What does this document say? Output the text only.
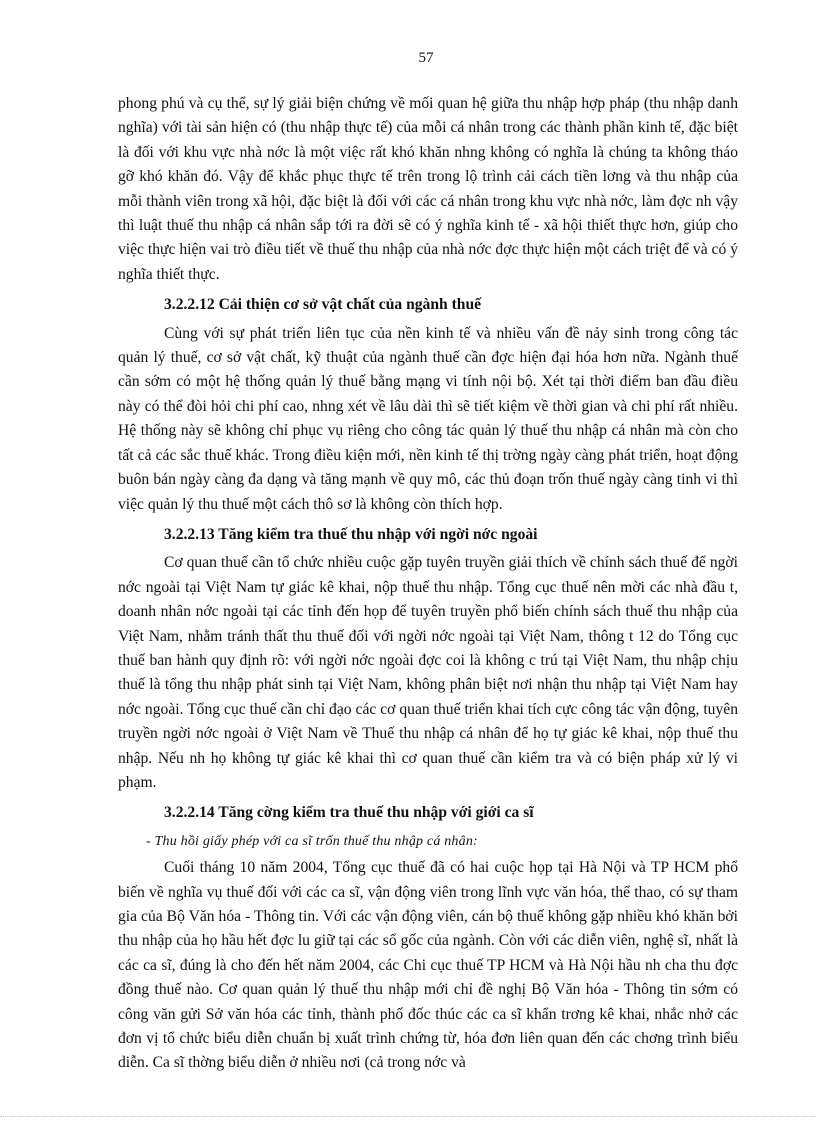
57

phong phú và cụ thể, sự lý giải biện chứng về mối quan hệ giữa thu nhập hợp pháp (thu nhập danh nghĩa) với tài sản hiện có (thu nhập thực tế) của mỗi cá nhân trong các thành phần kinh tế, đặc biệt là đối với khu vực nhà nớc là một việc rất khó khăn nhng không có nghĩa là chúng ta không tháo gỡ khó khăn đó. Vậy để khắc phục thực tế trên trong lộ trình cải cách tiền lơng và thu nhập của mỗi thành viên trong xã hội, đặc biệt là đối với các cá nhân trong khu vực nhà nớc, làm đợc nh vậy thì luật thuế thu nhập cá nhân sắp tới ra đời sẽ có ý nghĩa kinh tế - xã hội thiết thực hơn, giúp cho việc thực hiện vai trò điều tiết về thuế thu nhập của nhà nớc đợc thực hiện một cách triệt để và có ý nghĩa thiết thực.

3.2.2.12 Cải thiện cơ sở vật chất của ngành thuế

Cùng với sự phát triển liên tục của nền kinh tế và nhiều vấn đề nảy sinh trong công tác quản lý thuế, cơ sở vật chất, kỹ thuật của ngành thuế cần đợc hiện đại hóa hơn nữa. Ngành thuế cần sớm có một hệ thống quản lý thuế bằng mạng vi tính nội bộ. Xét tại thời điểm ban đầu điều này có thể đòi hỏi chi phí cao, nhng xét về lâu dài thì sẽ tiết kiệm về thời gian và chi phí rất nhiều. Hệ thống này sẽ không chỉ phục vụ riêng cho công tác quản lý thuế thu nhập cá nhân mà còn cho tất cả các sắc thuế khác. Trong điều kiện mới, nền kinh tế thị trờng ngày càng phát triển, hoạt động buôn bán ngày càng đa dạng và tăng mạnh về quy mô, các thủ đoạn trốn thuế ngày càng tinh vi thì việc quản lý thu thuế một cách thô sơ là không còn thích hợp.

3.2.2.13 Tăng kiểm tra thuế thu nhập với ngời nớc ngoài

Cơ quan thuế cần tổ chức nhiều cuộc gặp tuyên truyền giải thích về chính sách thuế để ngời nớc ngoài tại Việt Nam tự giác kê khai, nộp thuế thu nhập. Tổng cục thuế nên mời các nhà đầu t, doanh nhân nớc ngoài tại các tỉnh đến họp để tuyên truyền phổ biến chính sách thuế thu nhập của Việt Nam, nhằm tránh thất thu thuế đối với ngời nớc ngoài tại Việt Nam, thông t 12 do Tổng cục thuế ban hành quy định rõ: với ngời nớc ngoài đợc coi là không c trú tại Việt Nam, thu nhập chịu thuế là tổng thu nhập phát sinh tại Việt Nam, không phân biệt nơi nhận thu nhập tại Việt Nam hay nớc ngoài. Tổng cục thuế cần chỉ đạo các cơ quan thuế triển khai tích cực công tác vận động, tuyên truyền ngời nớc ngoài ở Việt Nam về Thuế thu nhập cá nhân để họ tự giác kê khai, nộp thuế thu nhập. Nếu nh họ không tự giác kê khai thì cơ quan thuế cần kiểm tra và có biện pháp xử lý vi phạm.

3.2.2.14 Tăng cờng kiểm tra thuế thu nhập với giới ca sĩ

- Thu hồi giấy phép với ca sĩ trốn thuế thu nhập cá nhân:

Cuối tháng 10 năm 2004, Tổng cục thuế đã có hai cuộc họp tại Hà Nội và TP HCM phổ biến về nghĩa vụ thuế đối với các ca sĩ, vận động viên trong lĩnh vực văn hóa, thể thao, có sự tham gia của Bộ Văn hóa - Thông tin. Với các vận động viên, cán bộ thuế không gặp nhiều khó khăn bởi thu nhập của họ hầu hết đợc lu giữ tại các sổ gốc của ngành. Còn với các diễn viên, nghệ sĩ, nhất là các ca sĩ, đúng là cho đến hết năm 2004, các Chi cục thuế TP HCM và Hà Nội hầu nh cha thu đợc đồng thuế nào. Cơ quan quản lý thuế thu nhập mới chỉ đề nghị Bộ Văn hóa - Thông tin sớm có công văn gửi Sở văn hóa các tỉnh, thành phố đốc thúc các ca sĩ khẩn trơng kê khai, nhắc nhở các đơn vị tổ chức biểu diễn chuẩn bị xuất trình chứng từ, hóa đơn liên quan đến các chơng trình biểu diễn. Ca sĩ thờng biểu diễn ở nhiều nơi (cả trong nớc và
